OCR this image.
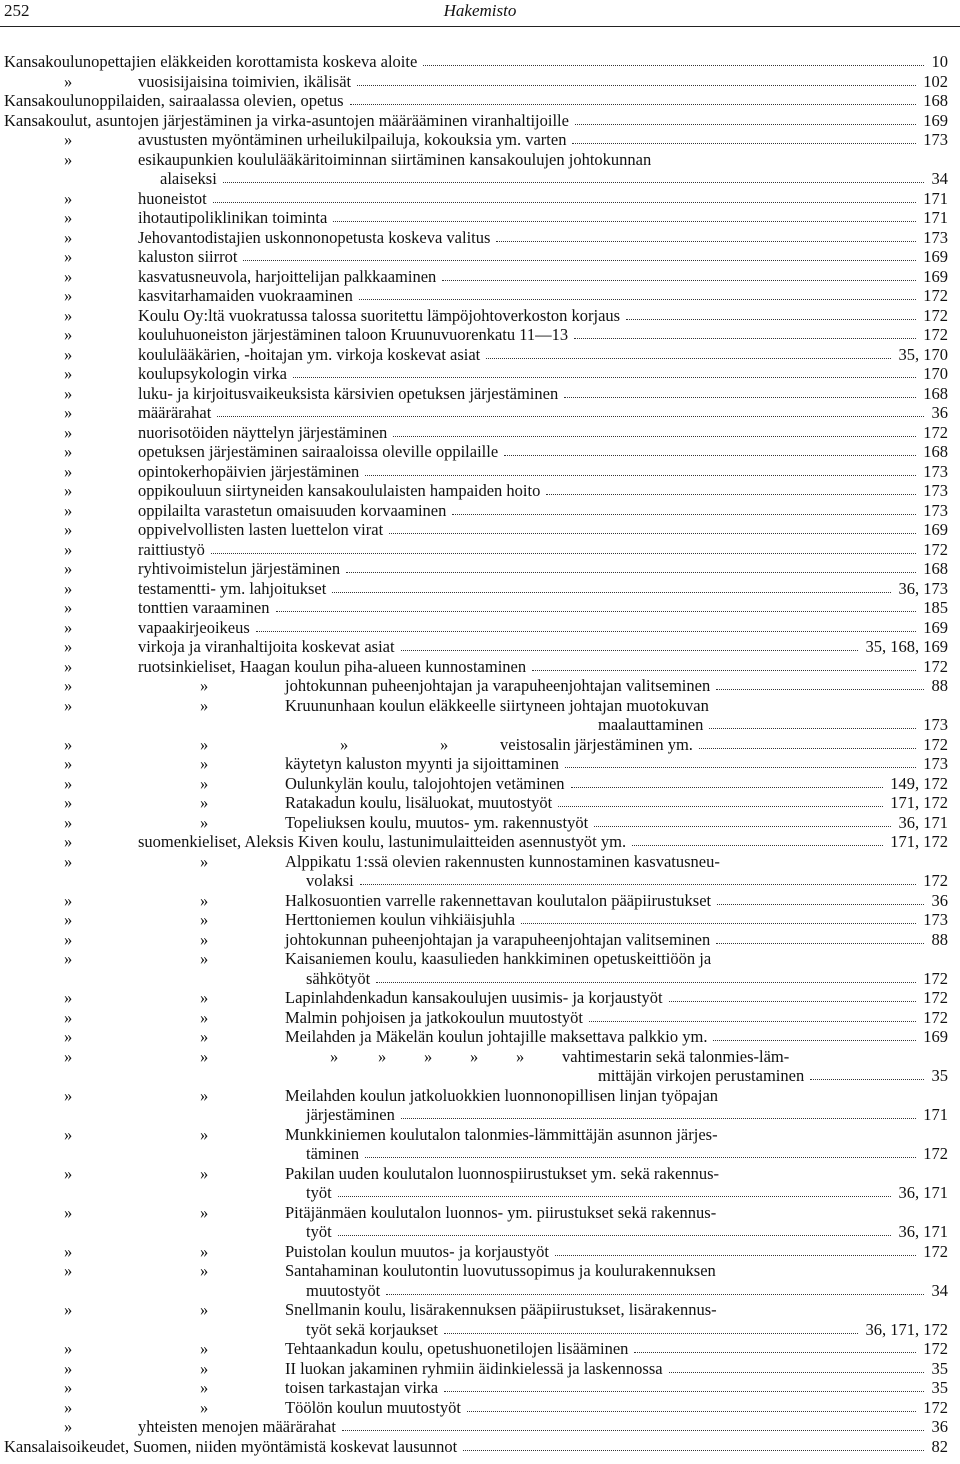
252	Hakemisto
Kansakoulunopettajien eläkkeiden korottamista koskeva aloite	10
»	vuosisijaisina toimivien, ikälisät	102
Kansakoulunoppilaiden, sairaalassa olevien, opetus	168
Kansakoulut, asuntojen järjestäminen ja virka-asuntojen määrääminen viranhaltijoille	169
»	avustusten myöntäminen urheilukilpailuja, kokouksia ym. varten	173
»	esikaupunkien koululääkäritoiminnan siirtäminen kansakoulujen johtokunnan
alaiseksi	34
»	huoneistot	171
»	ihotautipoliklinikan toiminta	171
»	Jehovantodistajien uskonnonopetusta koskeva valitus	173
»	kaluston siirrot	169
»	kasvatusneuvola, harjoittelijan palkkaaminen	169
»	kasvitarhamaiden vuokraaminen	172
»	Koulu Oy:ltä vuokratussa talossa suoritettu lämpöjohtoverkoston korjaus	172
»	kouluhuoneiston järjestäminen taloon Kruunuvuorenkatu 11—13	172
»	koululääkärien, -hoitajan ym. virkoja koskevat asiat	35, 170
»	koulupsykologin virka	170
»	luku- ja kirjoitusvaikeuksista kärsivien opetuksen järjestäminen	168
»	määrärahat	36
»	nuorisotöiden näyttelyn järjestäminen	172
»	opetuksen järjestäminen sairaaloissa oleville oppilaille	168
»	opintokerhopäivien järjestäminen	173
»	oppikouluun siirtyneiden kansakoululaisten hampaiden hoito	173
»	oppilailta varastetun omaisuuden korvaaminen	173
»	oppivelvollisten lasten luettelon virat	169
»	raittiustyö	172
»	ryhtivoimistelun järjestäminen	168
»	testamentti- ym. lahjoitukset	36, 173
»	tonttien varaaminen	185
»	vapaakirjeoikeus	169
»	virkoja ja viranhaltijoita koskevat asiat	35, 168, 169
»	ruotsinkieliset, Haagan koulun piha-alueen kunnostaminen	172
»	»	johtokunnan puheenjohtajan ja varapuheenjohtajan valitseminen	88
»	»	Kruununhaan koulun eläkkeelle siirtyneen johtajan muotokuvan
maalauttaminen	173
»	»	»	»	veistosalin järjestäminen ym.	172
»	»	käytetyn kaluston myynti ja sijoittaminen	173
»	»	Oulunkylän koulu, talojohtojen vetäminen	149, 172
»	»	Ratakadun koulu, lisäluokat, muutostyöt	171, 172
»	»	Topeliuksen koulu, muutos- ym. rakennustyöt	36, 171
»	suomenkieliset, Aleksis Kiven koulu, lastunimulaitteiden asennustyöt ym.	171, 172
»	»	Alppikatu 1:ssä olevien rakennusten kunnostaminen kasvatusneu-
volaksi	172
»	»	Halkosuontien varrelle rakennettavan koulutalon pääpiirustukset	36
»	»	Herttoniemen koulun vihkiäisjuhla	173
»	»	johtokunnan puheenjohtajan ja varapuheenjohtajan valitseminen	88
»	»	Kaisaniemen koulu, kaasulieden hankkiminen opetuskeittiöön ja
sähkötyöt	172
»	»	Lapinlahdenkadun kansakoulujen uusimis- ja korjaustyöt	172
»	»	Malmin pohjoisen ja jatkokoulun muutostyöt	172
»	»	Meilahden ja Mäkelän koulun johtajille maksettava palkkio ym.	169
»	»	» » » » » vahtimestarin sekä talonmies-läm-
mittäjän virkojen perustaminen	35
»	»	Meilahden koulun jatkoluokkien luonnonopillisen linjan työpajan
järjestäminen	171
»	»	Munkkiniemen koulutalon talonmies-lämmittäjän asunnon järjes-
täminen	172
»	»	Pakilan uuden koulutalon luonnospiirustukset ym. sekä rakennus-
työt	36, 171
»	»	Pitäjänmäen koulutalon luonnos- ym. piirustukset sekä rakennus-
työt	36, 171
»	»	Puistolan koulun muutos- ja korjaustyöt	172
»	»	Santahaminan koulutontin luovutussopimus ja koulurakennuksen
muutostyöt	34
»	»	Snellmanin koulu, lisärakennuksen pääpiirustukset, lisärakennus-
työt sekä korjaukset	36, 171, 172
»	»	Tehtaankadun koulu, opetushuonetilojen lisääminen	172
»	»	II luokan jakaminen ryhmiin äidinkielessä ja laskennossa	35
»	»	toisen tarkastajan virka	35
»	»	Töölön koulun muutostyöt	172
»	yhteisten menojen määrärahat	36
Kansalaisoikeudet, Suomen, niiden myöntämistä koskevat lausunnot	82
